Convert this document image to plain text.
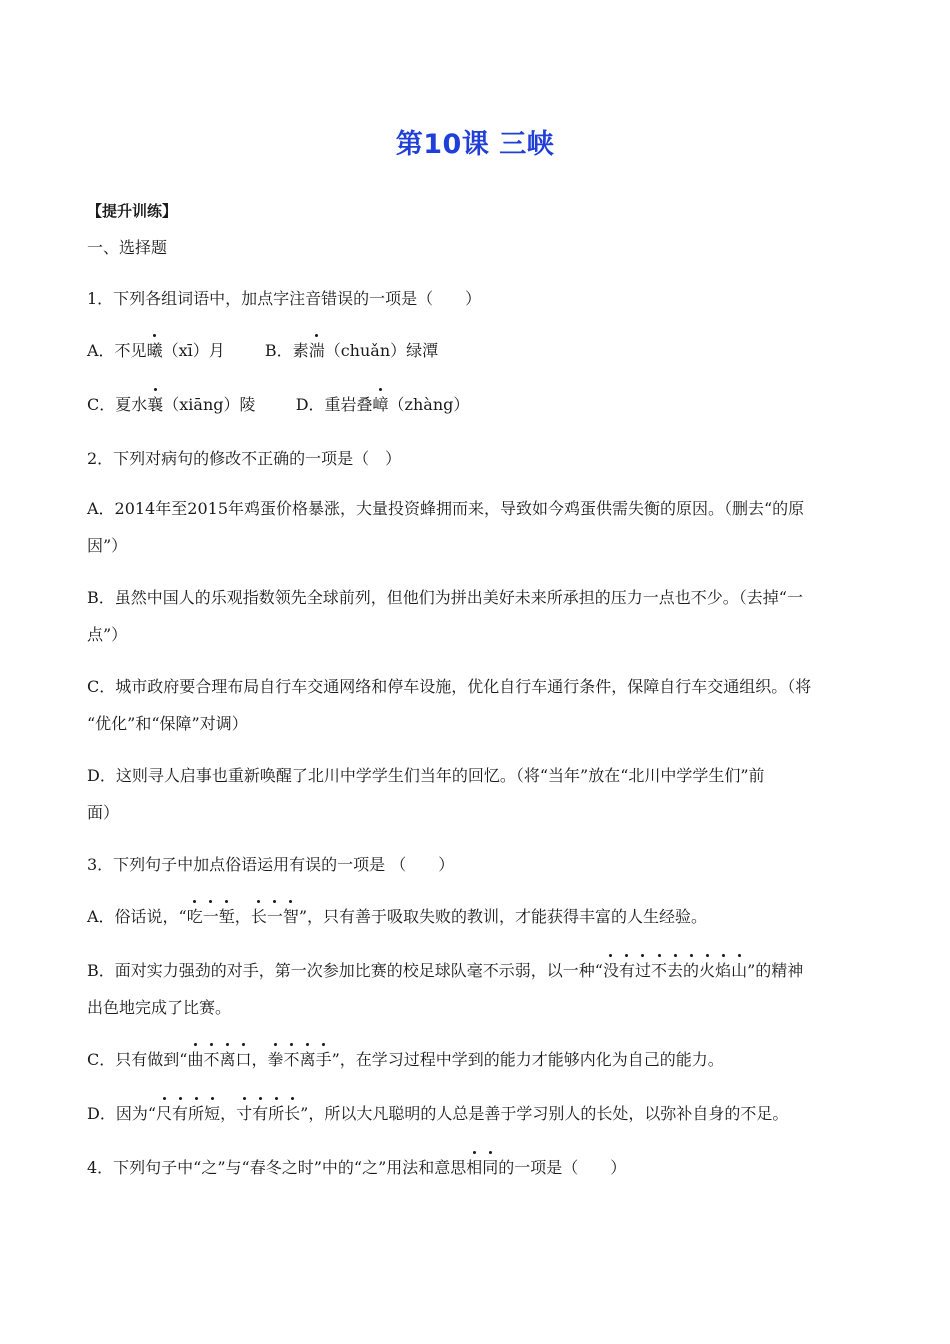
第10课 三峡
【提升训练】
一、选择题
1．下列各组词语中，加点字注音错误的一项是（　　）
A．不见曦（xī）月	B．素湍（chuǎn）绿潭
C．夏水襄（xiāng）陵	D．重岩叠嶂（zhàng）
2．下列对病句的修改不正确的一项是（　）
A．2014年至2015年鸡蛋价格暴涨，大量投资蜂拥而来，导致如今鸡蛋供需失衡的原因。（删去“的原
因”）
B．虽然中国人的乐观指数领先全球前列，但他们为拼出美好未来所承担的压力一点也不少。（去掉“一
点”）
C．城市政府要合理布局自行车交通网络和停车设施，优化自行车通行条件，保障自行车交通组织。（将
“优化”和“保障”对调）
D．这则寻人启事也重新唤醒了北川中学学生们当年的回忆。（将“当年”放在“北川中学学生们”前
面）
3．下列句子中加点俗语运用有误的一项是 （　　）
A．俗话说，“吃一堑，长一智”，只有善于吸取失败的教训，才能获得丰富的人生经验。
B．面对实力强劲的对手，第一次参加比赛的校足球队毫不示弱，以一种“没有过不去的火焰山”的精神
出色地完成了比赛。
C．只有做到“曲不离口，拳不离手”，在学习过程中学到的能力才能够内化为自己的能力。
D．因为“尺有所短，寸有所长”，所以大凡聪明的人总是善于学习别人的长处，以弥补自身的不足。
4．下列句子中“之”与“春冬之时”中的“之”用法和意思相同的一项是（　　）
